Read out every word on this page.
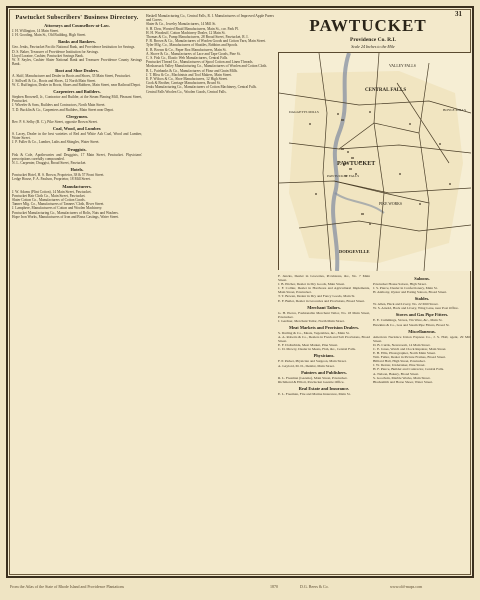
31
Pawtucket Subscribers' Business Directory.
Attorneys and Counsellors-at-Law.
J. H. Willington, 14 Main Street.
J. H. Gooding, Main St., Old Building, High Street.
Banks and Bankers.
Geo. Jenks, Pawtucket Pacific National Bank, and Providence Institution for Savings.
D. S. Baker, Treasurer of Providence Institution for Savings.
Lloyd Loraine, Cashier, Pawtucket Savings Bank.
W. F. Sayles, Cashier Slater National Bank and Treasurer Providence County Savings Bank.
Boot and Shoe Dealers.
A. Skiff, Manufacturer and Dealer in Boots and Shoes, 35 Main Street, Pawtucket.
J. Stillwell & Co., Boots and Shoes, 12 North Main Street.
W. C. Ruffington, Dealer in Boots, Shoes and Rubbers, Main Street, near Railroad Depot.
Carpenters and Builders.
Stephen Brownell, Jr., Contractor and Builder, at the Steam Planing Mill, Pleasant Street, Pawtucket.
J. Wheeler & Sons, Builders and Contractors, North Main Street.
T. D. Bucklin & Co., Carpenters and Builders, Main Street near Depot.
Clergymen.
Rev. P. S. Selby (R. C.), Pike Street, opposite Brown Street.
Coal, Wood, and Lumber.
S. Lacey, Dealer in the best varieties of Red and White Ash Coal, Wood and Lumber, Water Street.
J. P. Fuller & Co., Lumber, Laths and Shingles, Water Street.
Druggists.
Fisk & Cole, Apothecaries and Druggists, 17 Main Street, Pawtucket. Physicians' prescriptions carefully compounded.
N. L. Carpenter, Druggist, Broad Street, Pawtucket.
Hotels.
Pawtucket Hotel, H. S. Brown, Proprietor, 38 & 57 Front Street.
Ledge House, F. A. Paulson, Proprietor, 18 Mill Street.
Manufacturers.
J. W. Adams (Flint Cotton), 14 Main Street, Pawtucket.
Pawtucket Hair Cloth Co., Main Street, Pawtucket.
Slater Cotton Co., Manufacturers of Cotton Goods.
Tanner Mfg. Co., Manufacturers of Tanners' Cloth, River Street.
J. Lamphere, Manufacturers of Cotton and Woolen Machinery.
Pawtucket Manufacturing Co., Manufacturers of Bolts, Nuts and Washers.
Hope Iron Works, Manufacturers of Iron and Brass Castings, Water Street.
Haskell Manufacturing Co., Central Falls, R. I. Manufacturers of Improved Apple Parers and Corers.
Slater & Co., Jewelry Manufacturers, 14 Mill St.
S. H. Dow, Worsted Braid Manufacturers, Main St., cor. Park Pl.
H. H. Woodruff, Cotton Machinery Dealer, 12 Main St.
Thomas & Co., Pump Manufacturers, 28 Broad Street, Pawtucket, R. I.
F. B. Brown & Co., Manufacturers of Woolen Goods and Cotton Yarn, Main Street.
Tyler Mfg. Co., Manufacturers of Shuttles, Bobbins and Spools.
E. B. Brown & Co., Paper Box Manufacturers, Main St.
A. Shove & Co., Manufacturers of Lace and Tape Goods, Pine St.
C. S. Fish Co., Elastic Web Manufacturers, Central Falls.
Pawtucket Thread Co., Manufacturers of Spool Cotton and Linen Threads.
Moshassuck Valley Manufacturing Co., Manufacturers of Woolen and Cotton Cloth.
B. L. Fairbanks & Co., Manufacturers of Flour and Grain Mills.
J. T. Bliss & Co., Machinists and Tool Makers, Main Street.
E. P. Wilcox & Co., Shoe Manufacturers, 12 High Street.
Cook & Brother, Carriage Manufacturers, Broad St.
Jenks Manufacturing Co., Manufacturers of Cotton Machinery, Central Falls.
Central Falls Woolen Co., Woolen Goods, Central Falls.
PAWTUCKET
Providence Co. R.I.
Scale 24 Inches to the Mile
CENTRAL FALLS
PAWTUCKET
PAWTUCKET FALLS
BOYLE MILLS
DAGGETTS MILLS
VALLEY FALLS
DODGEVILLE
PIKE WORKS
F. Jencks, Dealer in Groceries, Provisions, &c., No. 7 Main Street.
J. B. Pitcher, Dealer in Dry Goods, Main Street.
J. F. Collier, Dealer in Hardware and Agricultural Implements, Main Street, Pawtucket.
T. T. Bowen, Dealer in Dry and Fancy Goods, Main St.
E. F. Butler, Dealer in Groceries and Provisions, Broad Street.
Merchant Tailors.
G. H. Pierce, Fashionable Merchant Tailor, No. 18 Main Street, Pawtucket.
J. Gardner, Merchant Tailor, North Main Street.
Meat Markets and Provision Dealers.
S. Darling & Co., Meats, Vegetables, &c., Main St.
A. A. Roberts & Co., Dealers in Fresh and Salt Provisions, Broad Street.
E. F. Dollarhide, Meat Market, Pine Street.
C. D. Mowry, Dealer in Meats, Fish, &c., Central Falls.
Physicians.
F. P. Parker, Physician and Surgeon, Main Street.
A. Gaylord, M. D., Dentist, Main Street.
Painters and Publishers.
R. L. Freeman (Gazette), Main Street, Pawtucket.
Richmond & Elliott, Pawtucket Gazette Office.
Real Estate and Insurance.
E. L. Freeman, Fire and Marine Insurance, Main St.
Saloons.
Pawtucket House Saloon, High Street.
J. S. Pierce, Dealer in Confectionery, Main St.
H. Anthony, Oyster and Eating Saloon, Broad Street.
Stables.
W. Allen, Hack and Livery, No. 22 Mill Street.
W. S. Arnold, Hack and Livery, Wing Lane, near Post Office.
Stoves and Gas Pipe Fitters.
E. E. Cummings, Stoves, Tin Ware, &c., Main St.
Hawkins & Co., Gas and Steam Pipe Fitters, Broad St.
Miscellaneous.
American Necklace Union Express Co., J. S. Hall, agent, 29 Mill Street.
D. B. Curtis, Newsroom, 14 Main Street.
C. E. Jones, Watch and Clock Repairer, Main Street.
E. B. Ellis, Photographer, North Main Street.
Wm. Fuller, Dealer in Picture Frames, Broad Street.
Billiard Hall, High Street, Pawtucket.
J. W. Dexter, Undertaker, Pine Street.
H. F. Pierce, Builder and Contractor, Central Falls.
A. Nelson, Bakery, Broad Street.
S. Goodwin, Marble Works, Main Street.
Blacksmith and Horse Shoer, Water Street.
From the Atlas of the State of Rhode Island and Providence Plantations	1870	D.G. Beers & Co.	www.old-maps.com
